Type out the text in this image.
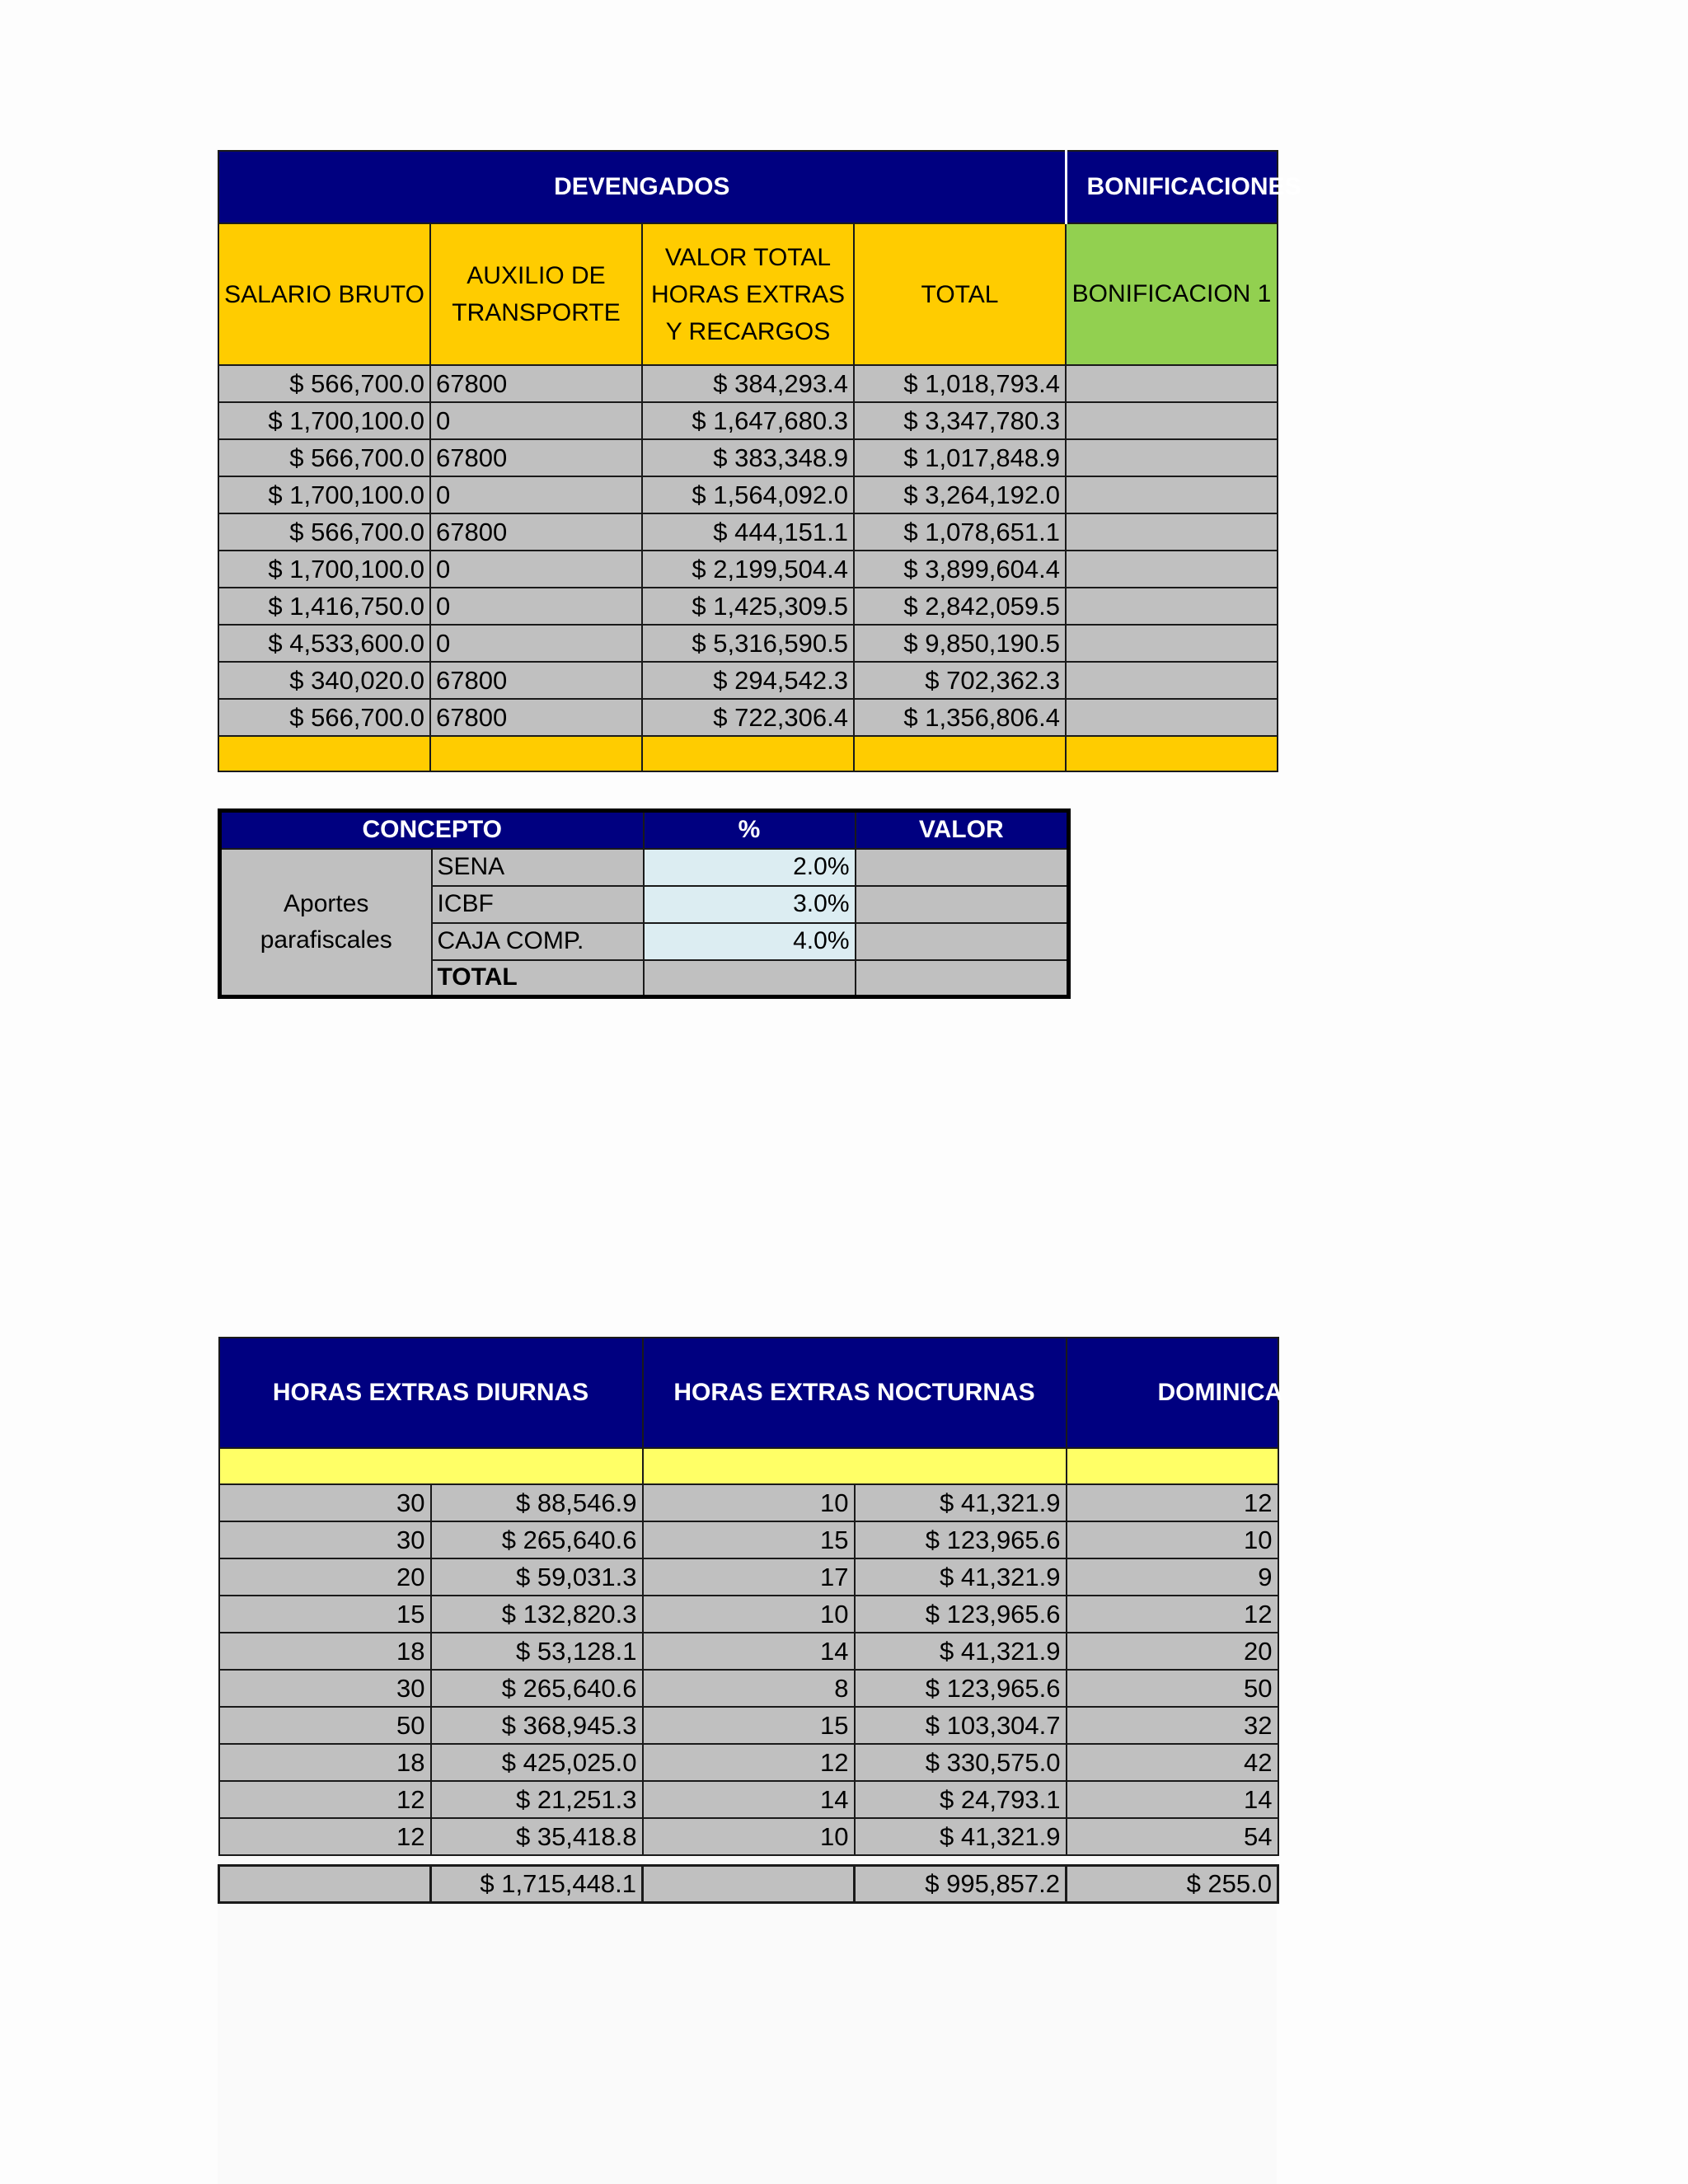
DEVENGADOS				BONIFICACIONES
SALARIO BRUTO	AUXILIO DE TRANSPORTE	VALOR TOTAL HORAS EXTRAS Y RECARGOS	TOTAL	BONIFICACION 1
$ 566,700.0	67800	$ 384,293.4	$ 1,018,793.4	
$ 1,700,100.0	0	$ 1,647,680.3	$ 3,347,780.3	
$ 566,700.0	67800	$ 383,348.9	$ 1,017,848.9	
$ 1,700,100.0	0	$ 1,564,092.0	$ 3,264,192.0	
$ 566,700.0	67800	$ 444,151.1	$ 1,078,651.1	
$ 1,700,100.0	0	$ 2,199,504.4	$ 3,899,604.4	
$ 1,416,750.0	0	$ 1,425,309.5	$ 2,842,059.5	
$ 4,533,600.0	0	$ 5,316,590.5	$ 9,850,190.5	
$ 340,020.0	67800	$ 294,542.3	$ 702,362.3	
$ 566,700.0	67800	$ 722,306.4	$ 1,356,806.4	

CONCEPTO		%	VALOR
Aportes parafiscales	SENA	2.0%	
	ICBF	3.0%	
	CAJA COMP.	4.0%	
	TOTAL		
HORAS EXTRAS DIURNAS		HORAS EXTRAS NOCTURNAS		DOMINICA

30	$ 88,546.9	10	$ 41,321.9	12
30	$ 265,640.6	15	$ 123,965.6	10
20	$ 59,031.3	17	$ 41,321.9	9
15	$ 132,820.3	10	$ 123,965.6	12
18	$ 53,128.1	14	$ 41,321.9	20
30	$ 265,640.6	8	$ 123,965.6	50
50	$ 368,945.3	15	$ 103,304.7	32
18	$ 425,025.0	12	$ 330,575.0	42
12	$ 21,251.3	14	$ 24,793.1	14
12	$ 35,418.8	10	$ 41,321.9	54

	$ 1,715,448.1		$ 995,857.2	$ 255.0
